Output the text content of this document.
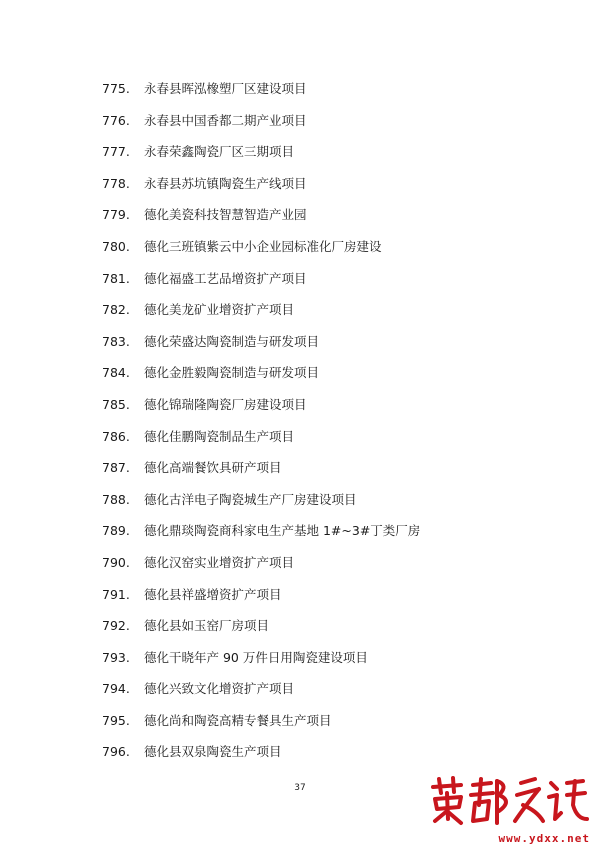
775. 永春县晖泓橡塑厂区建设项目
776. 永春县中国香都二期产业项目
777. 永春荣鑫陶瓷厂区三期项目
778. 永春县苏坑镇陶瓷生产线项目
779. 德化美瓷科技智慧智造产业园
780. 德化三班镇紫云中小企业园标准化厂房建设
781. 德化福盛工艺品增资扩产项目
782. 德化美龙矿业增资扩产项目
783. 德化荣盛达陶瓷制造与研发项目
784. 德化金胜毅陶瓷制造与研发项目
785. 德化锦瑞隆陶瓷厂房建设项目
786. 德化佳鹏陶瓷制品生产项目
787. 德化高端餐饮具研产项目
788. 德化古洋电子陶瓷城生产厂房建设项目
789. 德化鼎琰陶瓷商科家电生产基地 1#~3#丁类厂房
790. 德化汉窑实业增资扩产项目
791. 德化县祥盛增资扩产项目
792. 德化县如玉窑厂房项目
793. 德化干晓年产 90 万件日用陶瓷建设项目
794. 德化兴致文化增资扩产项目
795. 德化尚和陶瓷高精专餐具生产项目
796. 德化县双泉陶瓷生产项目
37
www.ydxx.net
